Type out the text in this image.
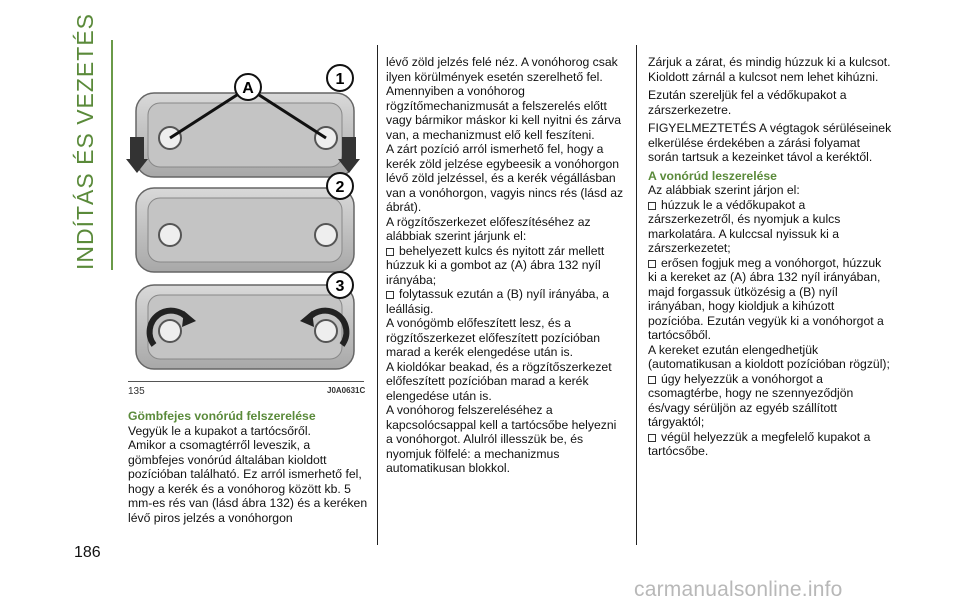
INDÍTÁS ÉS VEZETÉS	A
1
2
3
135	J0A0631C

Gömbfejes vonórúd felszerelése

Vegyük le a kupakot a tartócsőről.

Amikor a csomagtérről leveszik, a gömbfejes vonórúd általában kioldott pozícióban található. Ez arról ismerhető fel, hogy a kerék és a vonóhorog között kb. 5 mm-es rés van (lásd ábra 132) és a keréken lévő piros jelzés a vonóhorgon

lévő zöld jelzés felé néz. A vonóhorog csak ilyen körülmények esetén szerelhető fel.

Amennyiben a vonóhorog rögzítőmechanizmusát a felszerelés előtt vagy bármikor máskor ki kell nyitni és zárva van, a mechanizmust elő kell feszíteni.

A zárt pozíció arról ismerhető fel, hogy a kerék zöld jelzése egybeesik a vonóhorgon lévő zöld jelzéssel, és a kerék végállásban van a vonóhorgon, vagyis nincs rés (lásd az ábrát).

A rögzítőszerkezet előfeszítéséhez az alábbiak szerint járjunk el:

behelyezett kulcs és nyitott zár mellett húzzuk ki a gombot az (A) ábra 132 nyíl irányába;

folytassuk ezután a (B) nyíl irányába, a leállásig.

A vonógömb előfeszített lesz, és a rögzítőszerkezet előfeszített pozícióban marad a kerék elengedése után is.

A kioldókar beakad, és a rögzítőszerkezet előfeszített pozícióban marad a kerék elengedése után is.

A vonóhorog felszereléséhez a kapcsolócsappal kell a tartócsőbe helyezni a vonóhorgot. Alulról illesszük be, és nyomjuk fölfelé: a mechanizmus automatikusan blokkol.

Zárjuk a zárat, és mindig húzzuk ki a kulcsot. Kioldott zárnál a kulcsot nem lehet kihúzni.

Ezután szereljük fel a védőkupakot a zárszerkezetre.

FIGYELMEZTETÉS A végtagok sérüléseinek elkerülése érdekében a zárási folyamat során tartsuk a kezeinket távol a keréktől.

A vonórúd leszerelése

Az alábbiak szerint járjon el:

húzzuk le a védőkupakot a zárszerkezetről, és nyomjuk a kulcs markolatára. A kulccsal nyissuk ki a zárszerkezetet;

erősen fogjuk meg a vonóhorgot, húzzuk ki a kereket az (A) ábra 132 nyíl irányában, majd forgassuk ütközésig a (B) nyíl irányában, hogy kioldjuk a kihúzott pozícióba. Ezután vegyük ki a vonóhorgot a tartócsőből.

A kereket ezután elengedhetjük (automatikusan a kioldott pozícióban rögzül);

úgy helyezzük a vonóhorgot a csomagtérbe, hogy ne szennyeződjön és/vagy sérüljön az egyéb szállított tárgyaktól;

végül helyezzük a megfelelő kupakot a tartócsőbe.

186
carmanualsonline.info
